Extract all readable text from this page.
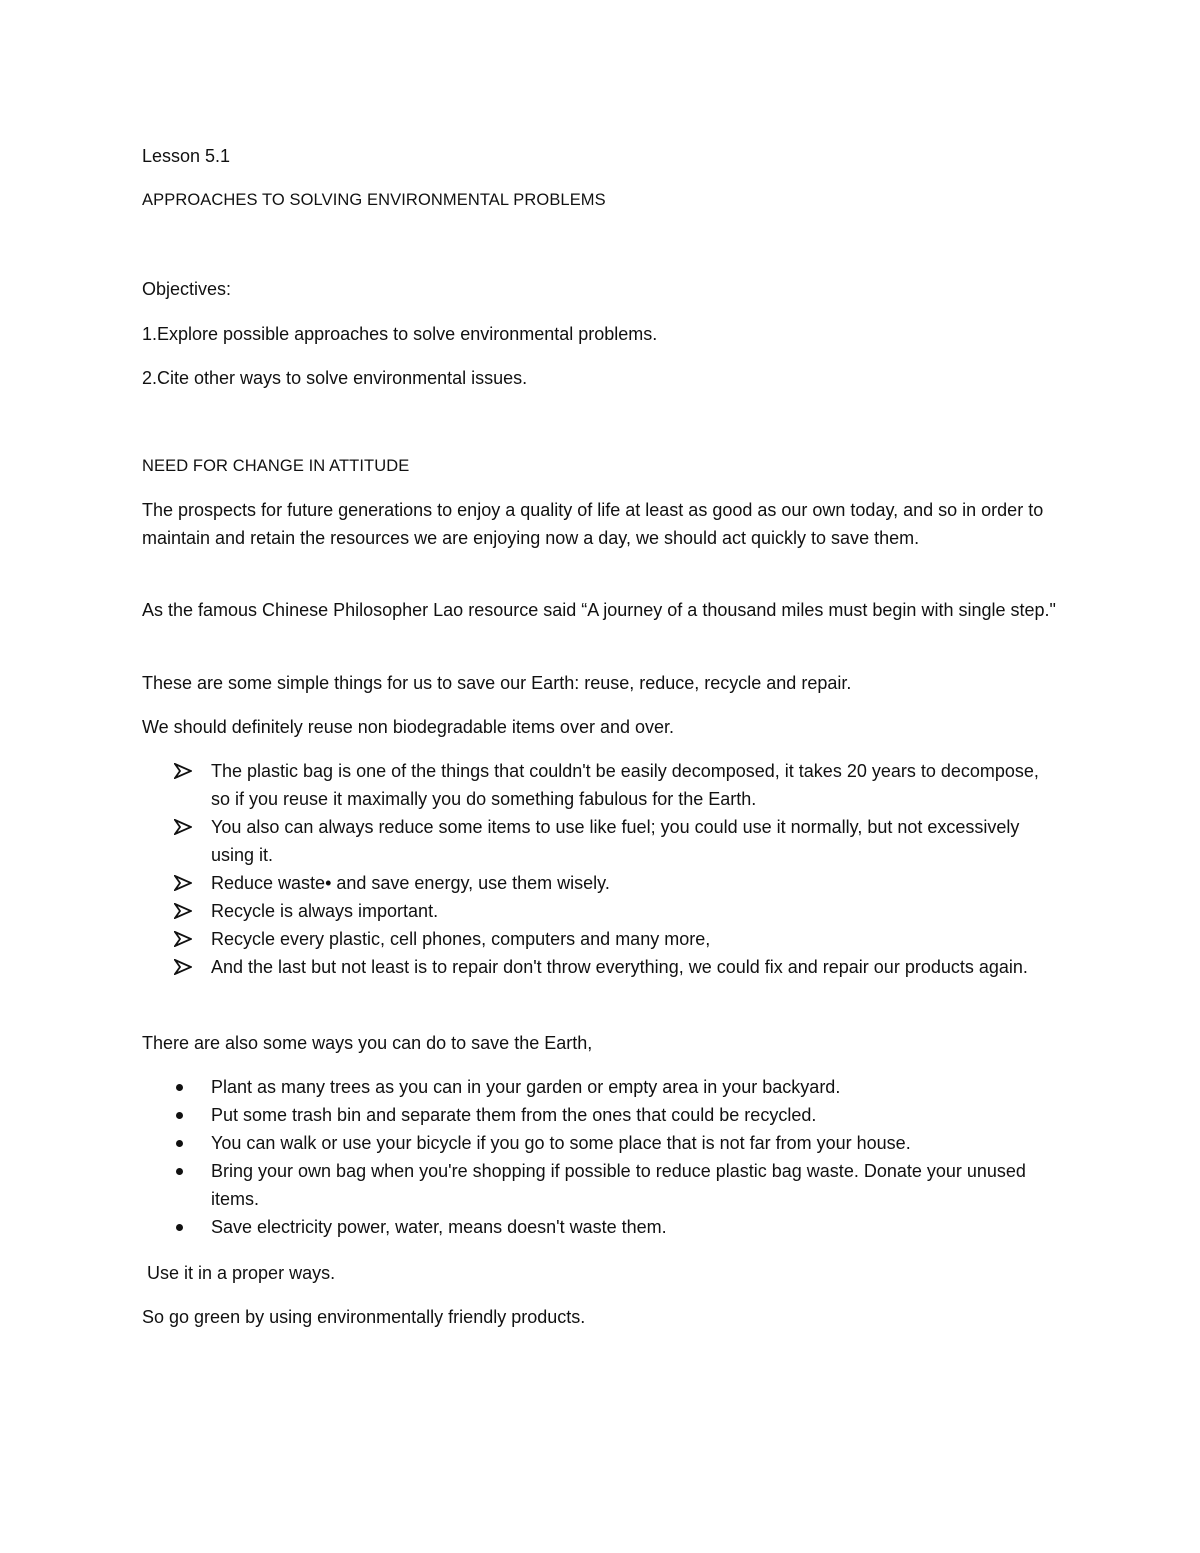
Lesson 5.1
APPROACHES TO SOLVING ENVIRONMENTAL PROBLEMS
Objectives:
1.Explore possible approaches to solve environmental problems.
2.Cite other ways to solve environmental issues.
NEED FOR CHANGE IN ATTITUDE
The prospects for future generations to enjoy a quality of life at least as good as our own today, and so in order to maintain and retain the resources we are enjoying now a day, we should act quickly to save them.
As the famous Chinese Philosopher Lao resource said “A journey of a thousand miles must begin with single step."
These are some simple things for us to save our Earth: reuse, reduce, recycle and repair.
We should definitely reuse non biodegradable items over and over.
The plastic bag is one of the things that couldn't be easily decomposed, it takes 20 years to decompose, so if you reuse it maximally you do something fabulous for the Earth.
You also can always reduce some items to use like fuel; you could use it normally, but not excessively using it.
Reduce waste• and save energy, use them wisely.
Recycle is always important.
Recycle every plastic, cell phones, computers and many more,
And the last but not least is to repair don't throw everything, we could fix and repair our products again.
There are also some ways you can do to save the Earth,
Plant as many trees as you can in your garden or empty area in your backyard.
Put some trash bin and separate them from the ones that could be recycled.
You can walk or use your bicycle if you go to some place that is not far from your house.
Bring your own bag when you're shopping if possible to reduce plastic bag waste. Donate your unused items.
Save electricity power, water, means doesn't waste them.
Use it in a proper ways.
So go green by using environmentally friendly products.
